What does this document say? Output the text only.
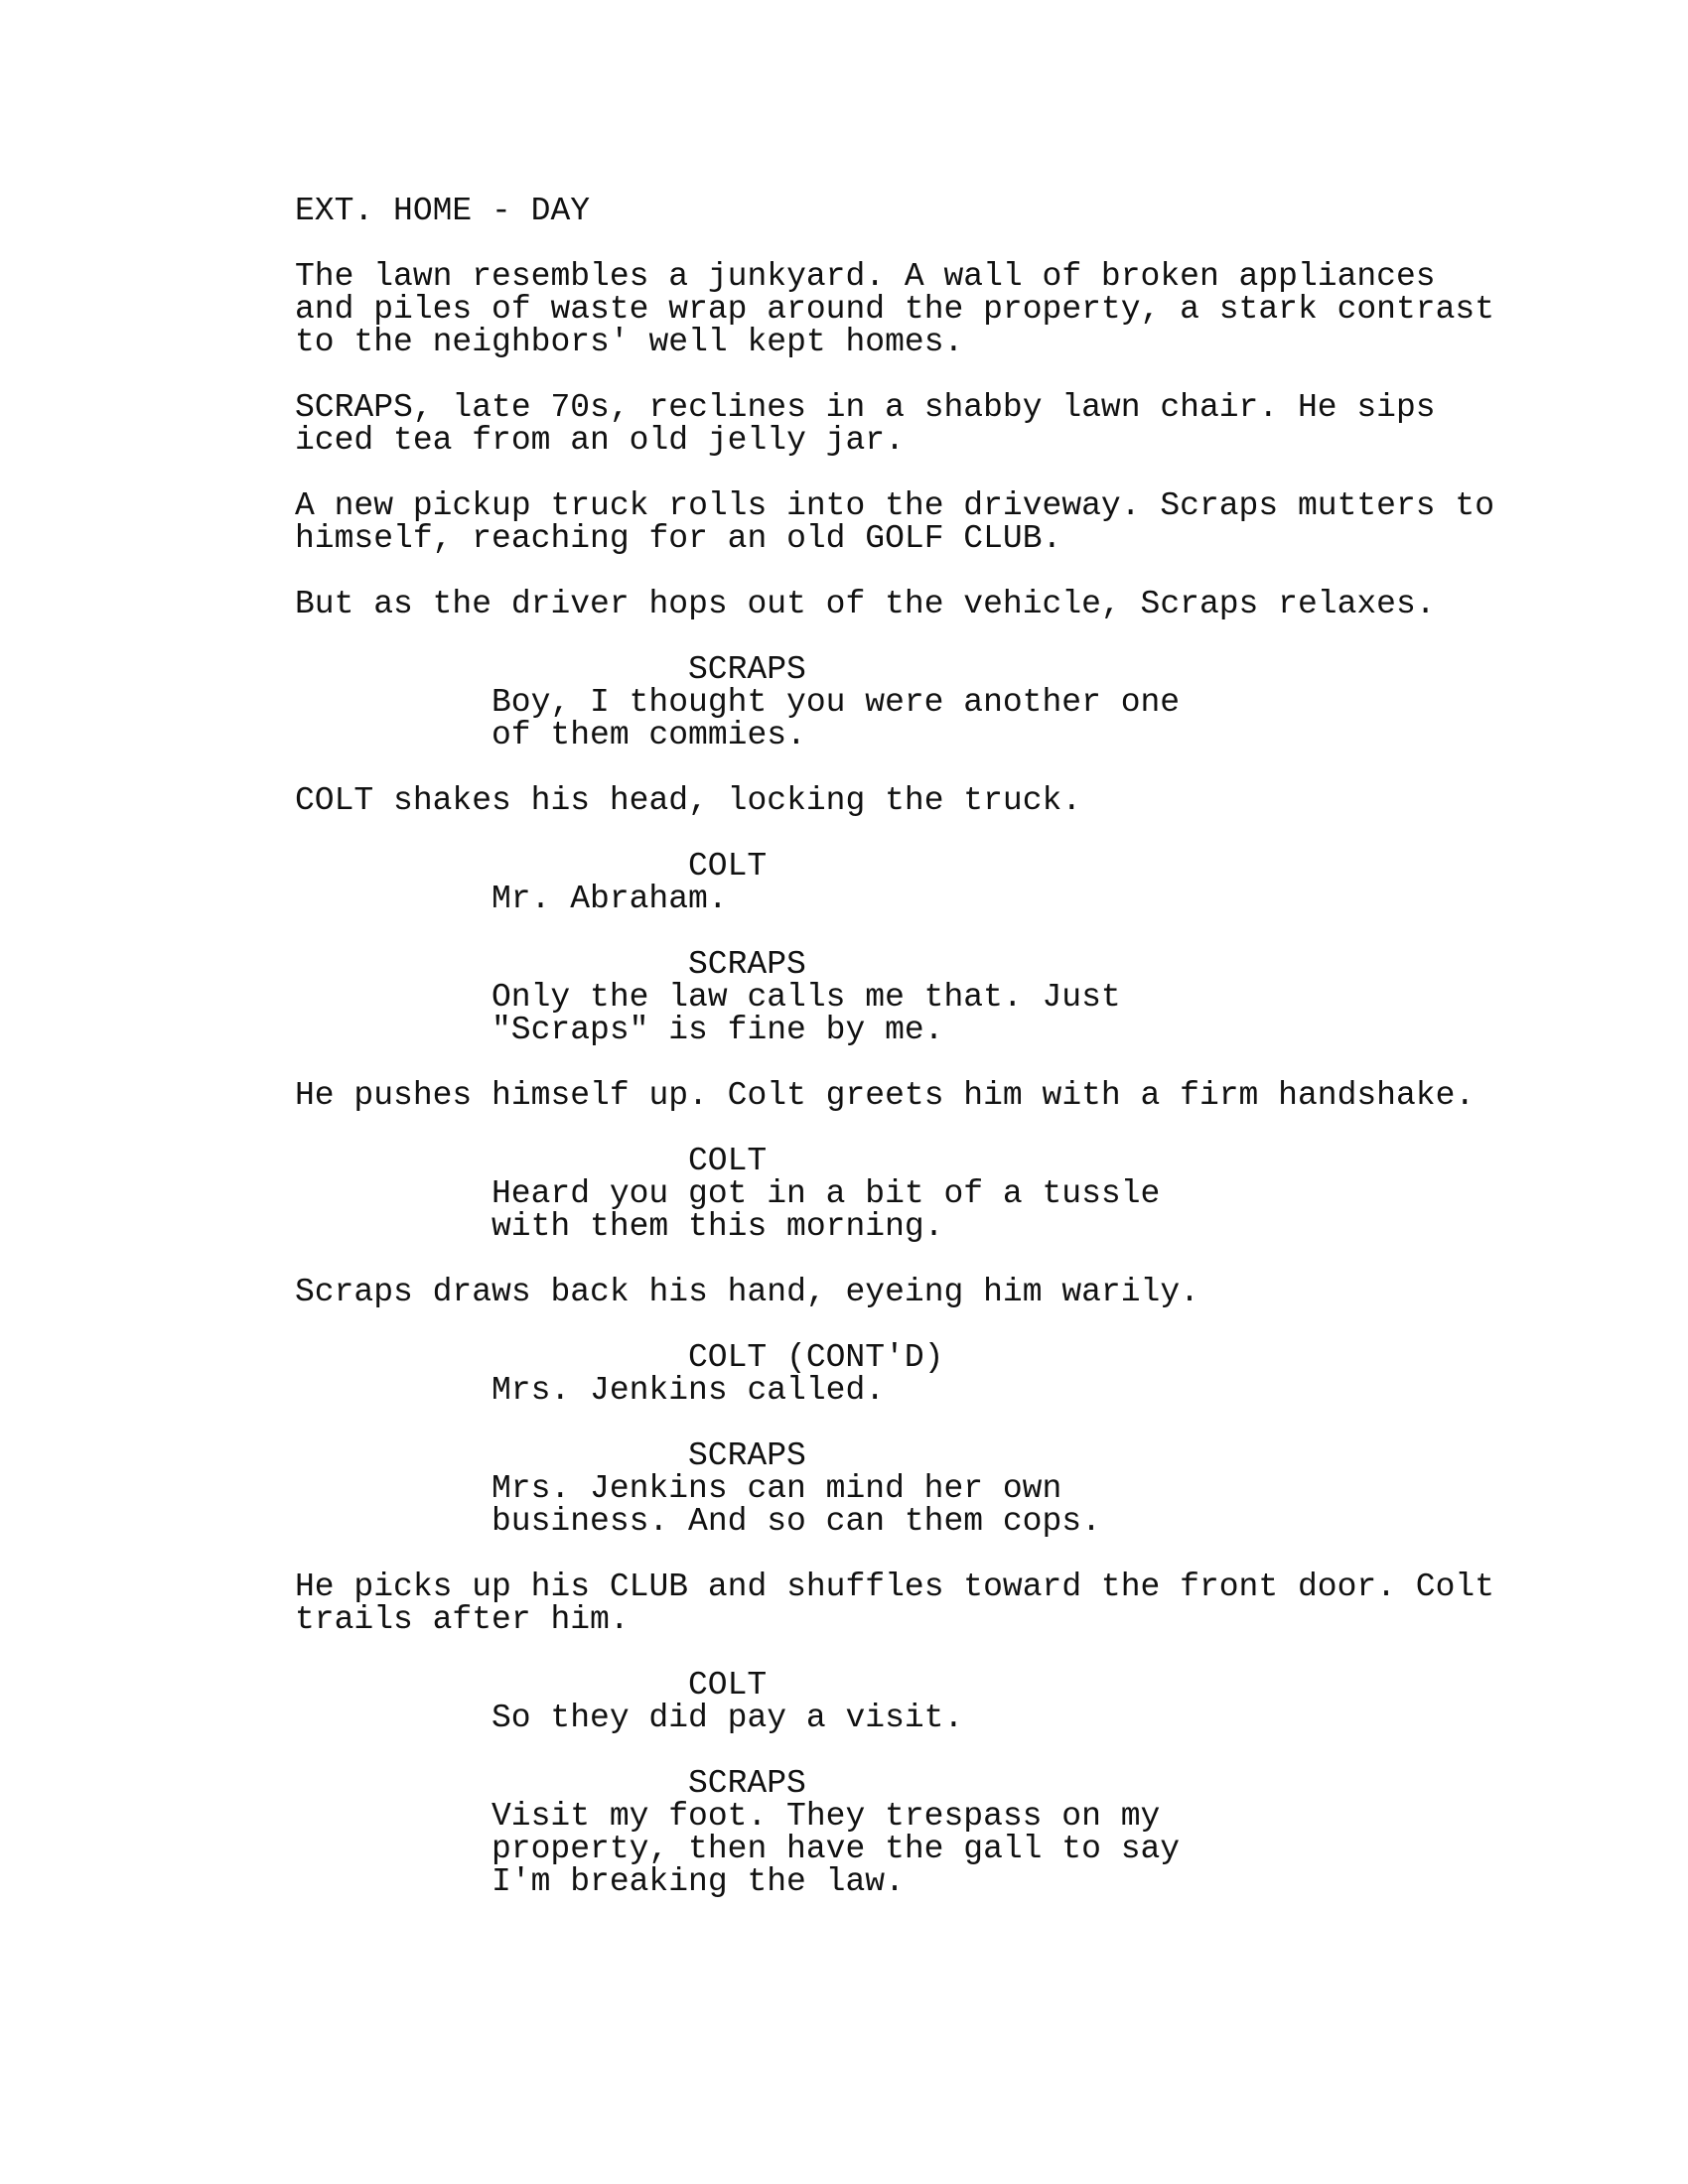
EXT. HOME - DAY

The lawn resembles a junkyard. A wall of broken appliances

and piles of waste wrap around the property, a stark contrast

to the neighbors' well kept homes.

SCRAPS, late 70s, reclines in a shabby lawn chair. He sips

iced tea from an old jelly jar.

A new pickup truck rolls into the driveway. Scraps mutters to

himself, reaching for an old GOLF CLUB.

But as the driver hops out of the vehicle, Scraps relaxes.

SCRAPS

Boy, I thought you were another one

of them commies.

COLT shakes his head, locking the truck.

COLT

Mr. Abraham.

SCRAPS

Only the law calls me that. Just

"Scraps" is fine by me.

He pushes himself up. Colt greets him with a firm handshake.

COLT

Heard you got in a bit of a tussle

with them this morning.

Scraps draws back his hand, eyeing him warily.

COLT (CONT'D)

Mrs. Jenkins called.

SCRAPS

Mrs. Jenkins can mind her own

business. And so can them cops.

He picks up his CLUB and shuffles toward the front door. Colt

trails after him.

COLT

So they did pay a visit.

SCRAPS

Visit my foot. They trespass on my

property, then have the gall to say

I'm breaking the law.
